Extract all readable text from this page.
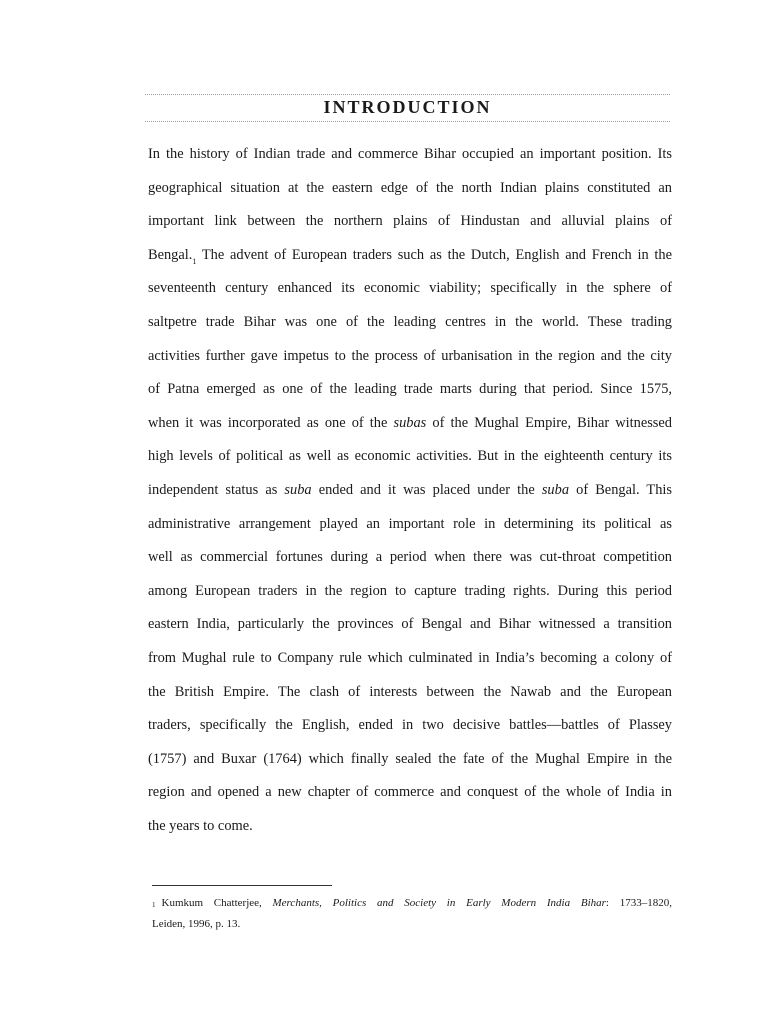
INTRODUCTION
In the history of Indian trade and commerce Bihar occupied an important position. Its
geographical situation at the eastern edge of the north Indian plains constituted an
important link between the northern plains of Hindustan and alluvial plains of
Bengal.$^1$ The advent of European traders such as the Dutch, English and French in the
seventeenth century enhanced its economic viability; specifically in the sphere of
saltpetre trade Bihar was one of the leading centres in the world. These trading
activities further gave impetus to the process of urbanisation in the region and the city
of Patna emerged as one of the leading trade marts during that period. Since 1575,
when it was incorporated as one of the subas of the Mughal Empire, Bihar witnessed
high levels of political as well as economic activities. But in the eighteenth century its
independent status as suba ended and it was placed under the suba of Bengal. This
administrative arrangement played an important role in determining its political as
well as commercial fortunes during a period when there was cut-throat competition
among European traders in the region to capture trading rights. During this period
eastern India, particularly the provinces of Bengal and Bihar witnessed a transition
from Mughal rule to Company rule which culminated in India’s becoming a colony of
the British Empire. The clash of interests between the Nawab and the European
traders, specifically the English, ended in two decisive battles—battles of Plassey
(1757) and Buxar (1764) which finally sealed the fate of the Mughal Empire in the
region and opened a new chapter of commerce and conquest of the whole of India in
the years to come.
$^1$ Kumkum Chatterjee, Merchants, Politics and Society in Early Modern India Bihar: 1733–1820,
Leiden, 1996, p. 13.
